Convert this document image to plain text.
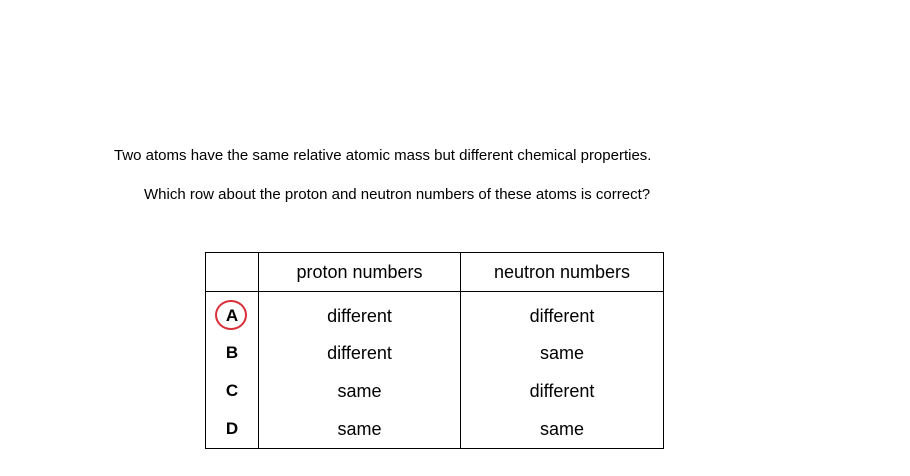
Two atoms have the same relative atomic mass but different chemical properties.
Which row about the proton and neutron numbers of these atoms is correct?
	proton numbers	neutron numbers
A	different	different
B	different	same
C	same	different
D	same	same
